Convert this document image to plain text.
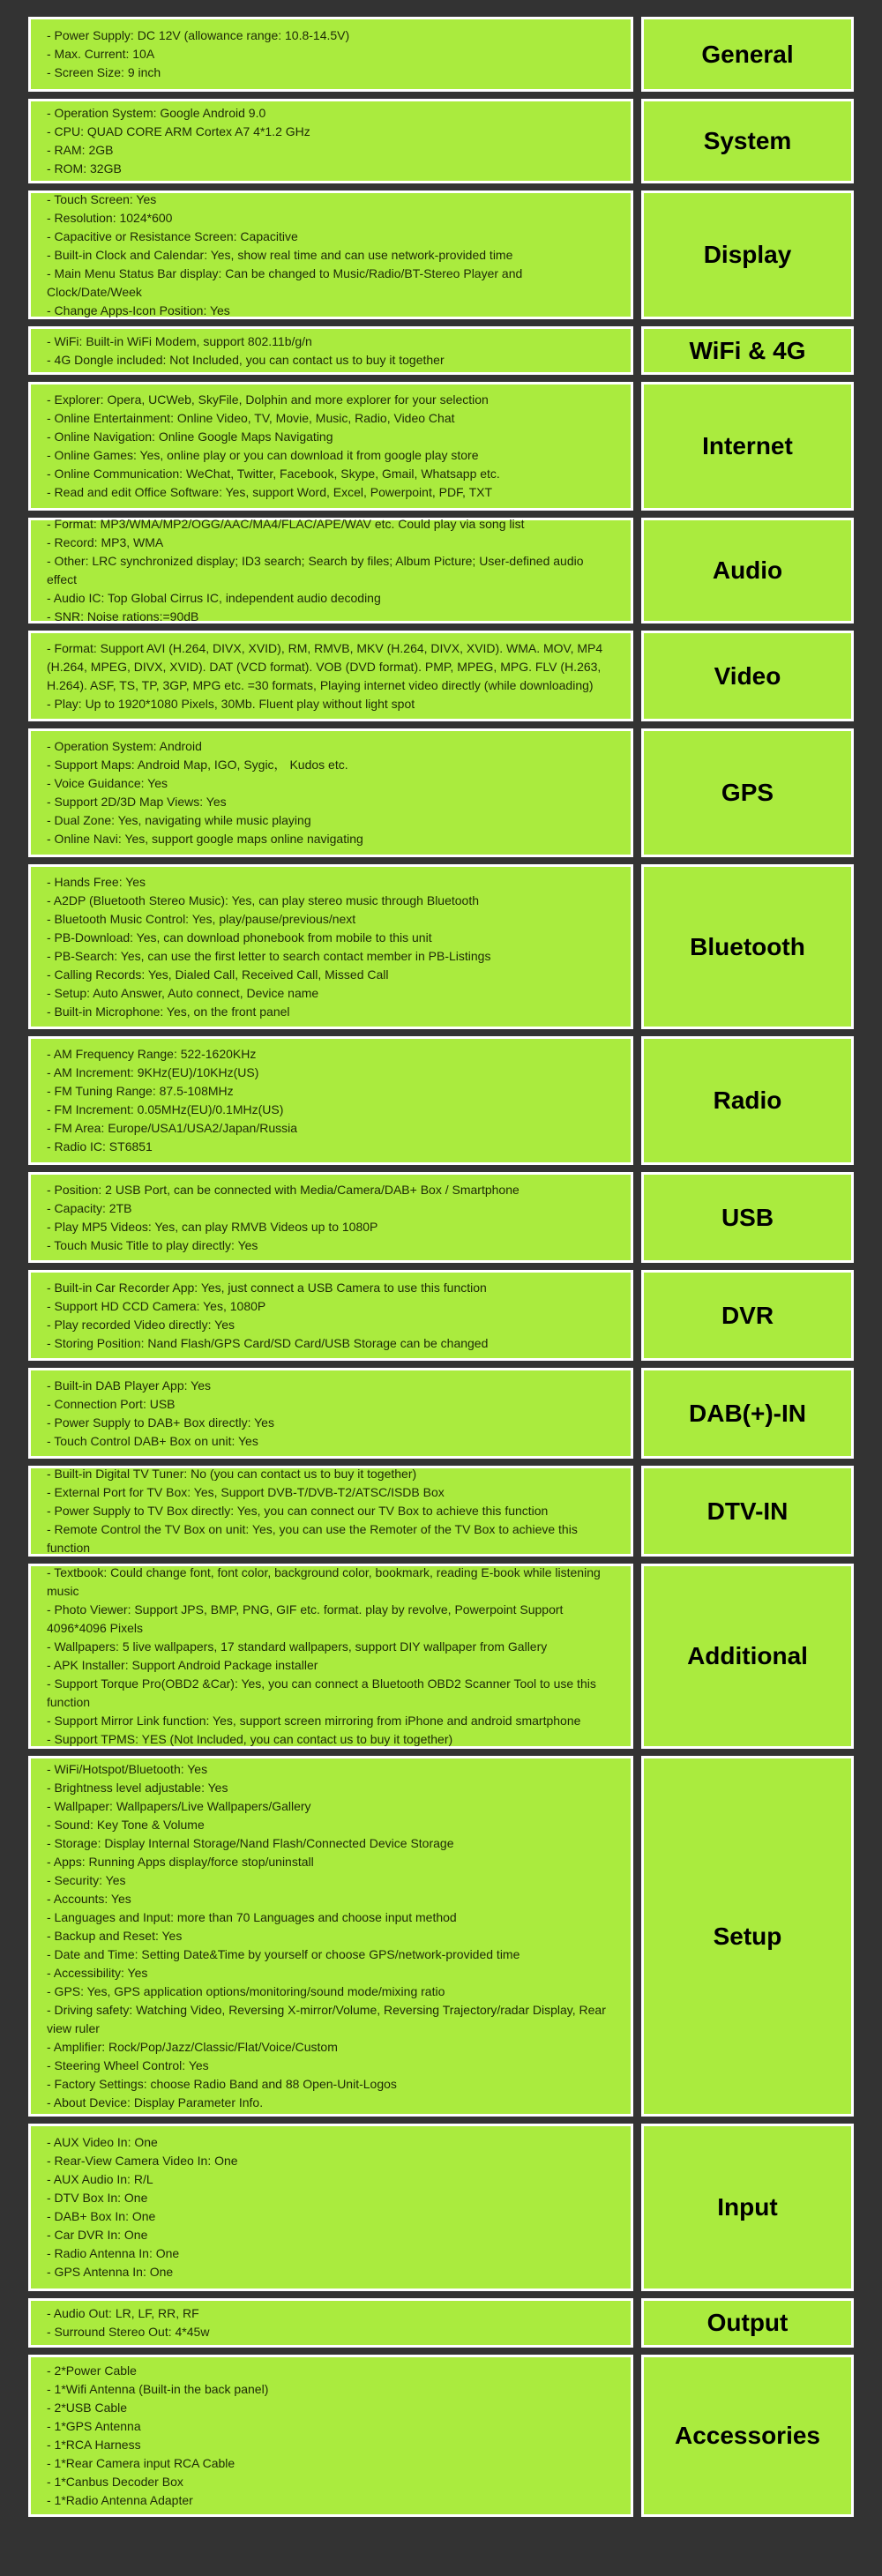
- Power Supply: DC 12V (allowance range: 10.8-14.5V)
- Max. Current: 10A
- Screen Size: 9 inch
General
- Operation System: Google Android 9.0
- CPU: QUAD CORE ARM Cortex A7 4*1.2 GHz
- RAM: 2GB
- ROM: 32GB
System
- Touch Screen: Yes
- Resolution: 1024*600
- Capacitive or Resistance Screen: Capacitive
- Built-in Clock and Calendar: Yes, show real time and can use network-provided time
- Main Menu Status Bar display: Can be changed to Music/Radio/BT-Stereo Player and Clock/Date/Week
- Change Apps-Icon Position: Yes
Display
- WiFi: Built-in WiFi Modem, support 802.11b/g/n
- 4G Dongle included: Not Included, you can contact us to buy it together	WiFi & 4G
- Explorer: Opera, UCWeb, SkyFile, Dolphin and more explorer for your selection
- Online Entertainment: Online Video, TV, Movie, Music, Radio, Video Chat
- Online Navigation: Online Google Maps Navigating
- Online Games: Yes, online play or you can download it from google play store
- Online Communication: WeChat, Twitter, Facebook, Skype, Gmail, Whatsapp etc.
- Read and edit Office Software: Yes, support Word, Excel, Powerpoint, PDF, TXT
Internet
- Format: MP3/WMA/MP2/OGG/AAC/MA4/FLAC/APE/WAV etc. Could play via song list
- Record: MP3, WMA
- Other: LRC synchronized display; ID3 search; Search by files; Album Picture; User-defined audio effect
- Audio IC: Top Global Cirrus IC, independent audio decoding
- SNR: Noise rations:=90dB
Audio
- Format: Support AVI (H.264, DIVX, XVID), RM, RMVB, MKV (H.264, DIVX, XVID). WMA. MOV, MP4 (H.264, MPEG, DIVX, XVID). DAT (VCD format). VOB (DVD format). PMP, MPEG, MPG. FLV (H.263, H.264). ASF, TS, TP, 3GP, MPG etc. =30 formats, Playing internet video directly (while downloading)
- Play: Up to 1920*1080 Pixels, 30Mb. Fluent play without light spot
Video
- Operation System: Android
- Support Maps: Android Map, IGO, Sygic， Kudos etc.
- Voice Guidance: Yes
- Support 2D/3D Map Views: Yes
- Dual Zone: Yes, navigating while music playing
- Online Navi: Yes, support google maps online navigating
GPS
- Hands Free: Yes
- A2DP (Bluetooth Stereo Music): Yes, can play stereo music through Bluetooth
- Bluetooth Music Control: Yes, play/pause/previous/next
- PB-Download: Yes, can download phonebook from mobile to this unit
- PB-Search: Yes, can use the first letter to search contact member in PB-Listings
- Calling Records: Yes, Dialed Call, Received Call, Missed Call
- Setup: Auto Answer, Auto connect, Device name
- Built-in Microphone: Yes, on the front panel
Bluetooth
- AM Frequency Range: 522-1620KHz
- AM Increment: 9KHz(EU)/10KHz(US)
- FM Tuning Range: 87.5-108MHz
- FM Increment: 0.05MHz(EU)/0.1MHz(US)
- FM Area: Europe/USA1/USA2/Japan/Russia
- Radio IC: ST6851
Radio
- Position: 2 USB Port, can be connected with Media/Camera/DAB+ Box / Smartphone
- Capacity: 2TB
- Play MP5 Videos: Yes, can play RMVB Videos up to 1080P
- Touch Music Title to play directly: Yes
USB
- Built-in Car Recorder App: Yes, just connect a USB Camera to use this function
- Support HD CCD Camera: Yes, 1080P
- Play recorded Video directly: Yes
- Storing Position: Nand Flash/GPS Card/SD Card/USB Storage can be changed
DVR
- Built-in DAB Player App: Yes
- Connection Port: USB
- Power Supply to DAB+ Box directly: Yes
- Touch Control DAB+ Box on unit: Yes
DAB(+)-IN
- Built-in Digital TV Tuner: No (you can contact us to buy it together)
- External Port for TV Box: Yes, Support DVB-T/DVB-T2/ATSC/ISDB Box
- Power Supply to TV Box directly: Yes, you can connect our TV Box to achieve this function
- Remote Control the TV Box on unit: Yes, you can use the Remoter of the TV Box to achieve this function
DTV-IN
- Textbook: Could change font, font color, background color, bookmark, reading E-book while listening music
- Photo Viewer: Support JPS, BMP, PNG, GIF etc. format. play by revolve, Powerpoint Support 4096*4096 Pixels
- Wallpapers: 5 live wallpapers, 17 standard wallpapers, support DIY wallpaper from Gallery
- APK Installer: Support Android Package installer
- Support Torque Pro(OBD2 &Car): Yes, you can connect a Bluetooth OBD2 Scanner Tool to use this function
- Support Mirror Link function: Yes, support screen mirroring from iPhone and android smartphone
- Support TPMS: YES (Not Included, you can contact us to buy it together)
Additional
- WiFi/Hotspot/Bluetooth: Yes
- Brightness level adjustable: Yes
- Wallpaper: Wallpapers/Live Wallpapers/Gallery
- Sound: Key Tone & Volume
- Storage: Display Internal Storage/Nand Flash/Connected Device Storage
- Apps: Running Apps display/force stop/uninstall
- Security: Yes
- Accounts: Yes
- Languages and Input: more than 70 Languages and choose input method
- Backup and Reset: Yes
- Date and Time: Setting Date&Time by yourself or choose GPS/network-provided time
- Accessibility: Yes
- GPS: Yes, GPS application options/monitoring/sound mode/mixing ratio
- Driving safety: Watching Video, Reversing X-mirror/Volume, Reversing Trajectory/radar Display, Rear view ruler
- Amplifier: Rock/Pop/Jazz/Classic/Flat/Voice/Custom
- Steering Wheel Control: Yes
- Factory Settings: choose Radio Band and 88 Open-Unit-Logos
- About Device: Display Parameter Info.
Setup
- AUX Video In: One
- Rear-View Camera Video In: One
- AUX Audio In: R/L
- DTV Box In: One
- DAB+ Box In: One
- Car DVR In: One
- Radio Antenna In: One
- GPS Antenna In: One
Input
- Audio Out: LR, LF, RR, RF
- Surround Stereo Out: 4*45w	Output
- 2*Power Cable
- 1*Wifi Antenna (Built-in the back panel)
- 2*USB Cable
- 1*GPS Antenna
- 1*RCA Harness
- 1*Rear Camera input RCA Cable
- 1*Canbus Decoder Box
- 1*Radio Antenna Adapter
Accessories
